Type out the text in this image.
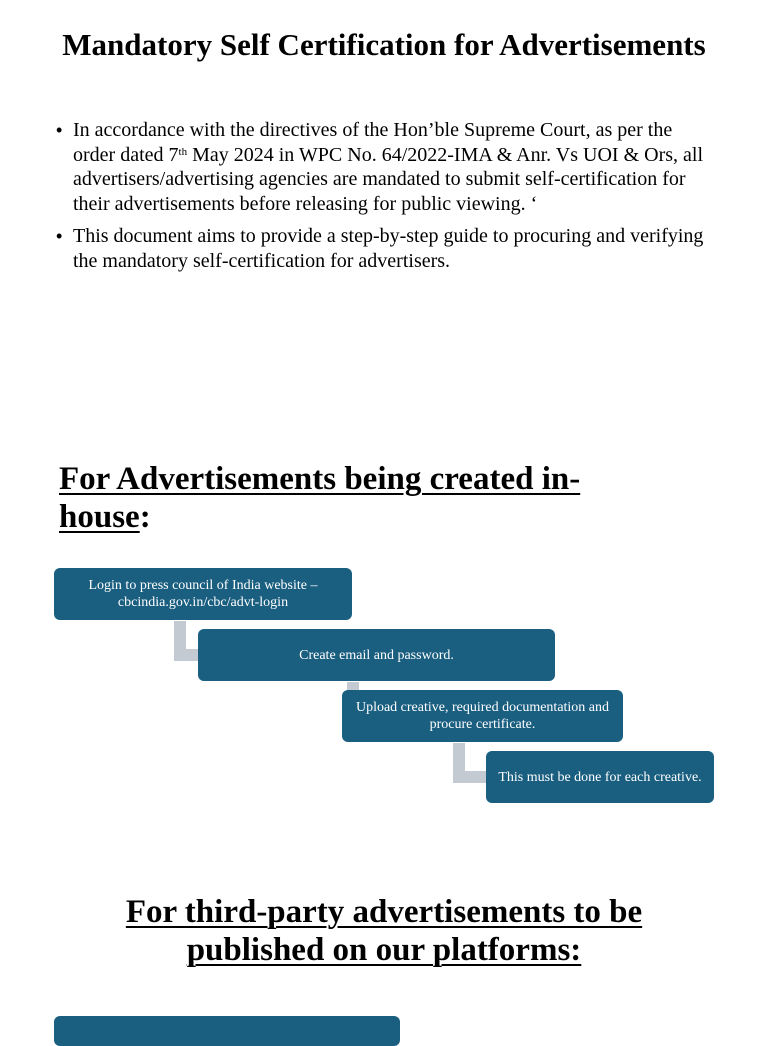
Mandatory Self Certification for Advertisements
• In accordance with the directives of the Hon’ble Supreme Court, as per the order dated 7th May 2024 in WPC No. 64/2022-IMA & Anr. Vs UOI & Ors, all advertisers/advertising agencies are mandated to submit self-certification for their advertisements before releasing for public viewing. ‘
• This document aims to provide a step-by-step guide to procuring and verifying the mandatory self-certification for advertisers.
For Advertisements being created in-house:
Login to press council of India website – cbcindia.gov.in/cbc/advt-login
Create email and password.
Upload creative, required documentation and procure certificate.
This must be done for each creative.
For third-party advertisements to be published on our platforms:
